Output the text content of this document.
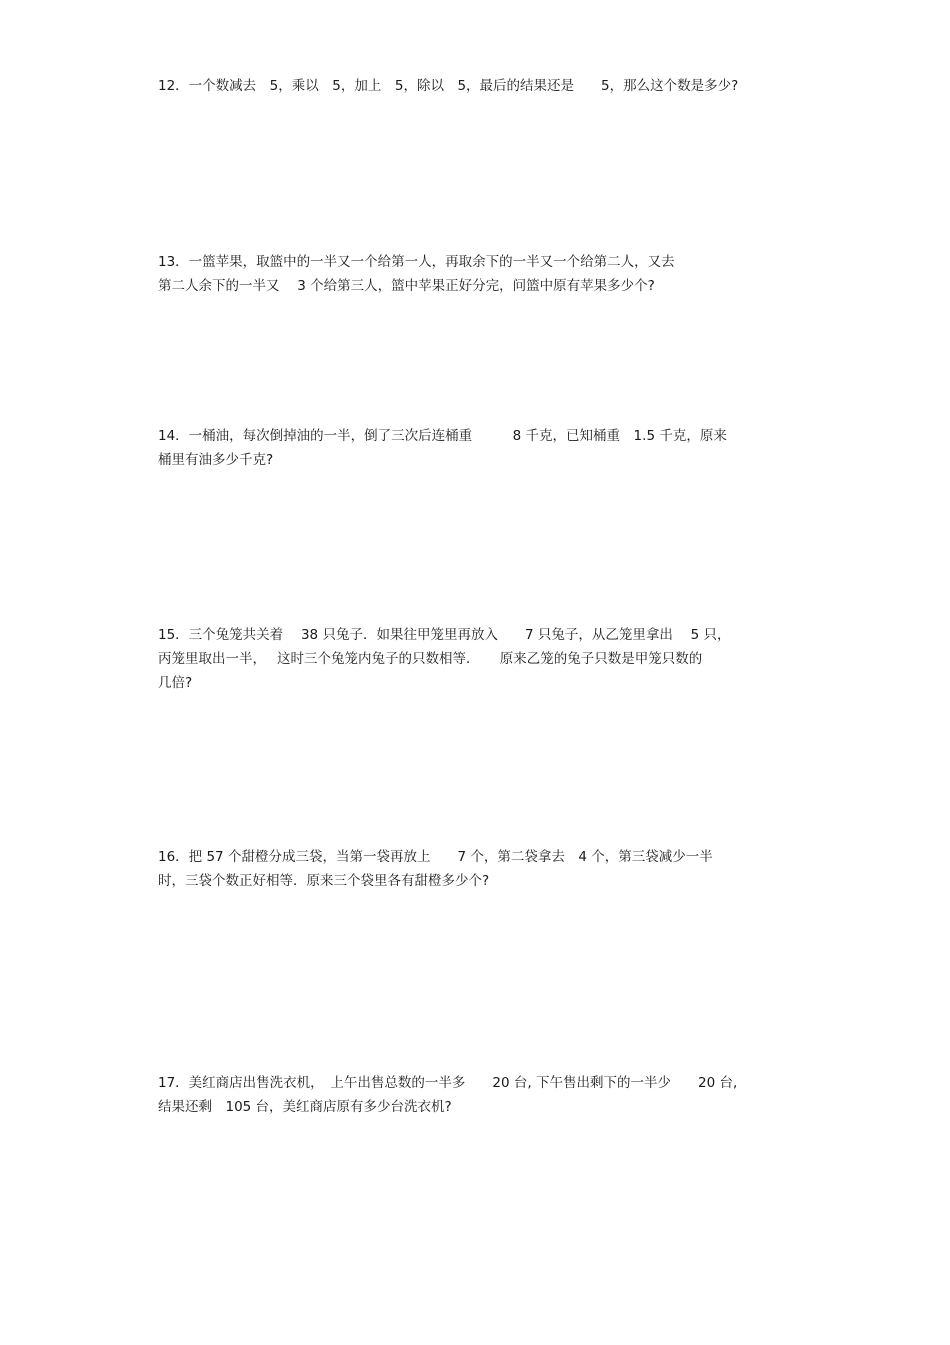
12．一个数减去　5，乘以　5，加上　5，除以　5，最后的结果还是　　5，那么这个数是多少?
13．一篮苹果，取篮中的一半又一个给第一人，再取余下的一半又一个给第二人，又去
第二人余下的一半又　 3 个给第三人，篮中苹果正好分完，问篮中原有苹果多少个?
14．一桶油，每次倒掉油的一半，倒了三次后连桶重　　　8 千克，已知桶重　1.5 千克，原来
桶里有油多少千克?
15．三个兔笼共关着　 38 只兔子．如果往甲笼里再放入　　7 只兔子，从乙笼里拿出　 5 只，
丙笼里取出一半，　 这时三个兔笼内兔子的只数相等．　　原来乙笼的兔子只数是甲笼只数的
几倍?
16．把 57 个甜橙分成三袋，当第一袋再放上　　7 个，第二袋拿去　4 个，第三袋减少一半
时，三袋个数正好相等．原来三个袋里各有甜橙多少个?
17．美红商店出售洗衣机，　上午出售总数的一半多　　20 台, 下午售出剩下的一半少　　20 台,
结果还剩　105 台，美红商店原有多少台洗衣机?
